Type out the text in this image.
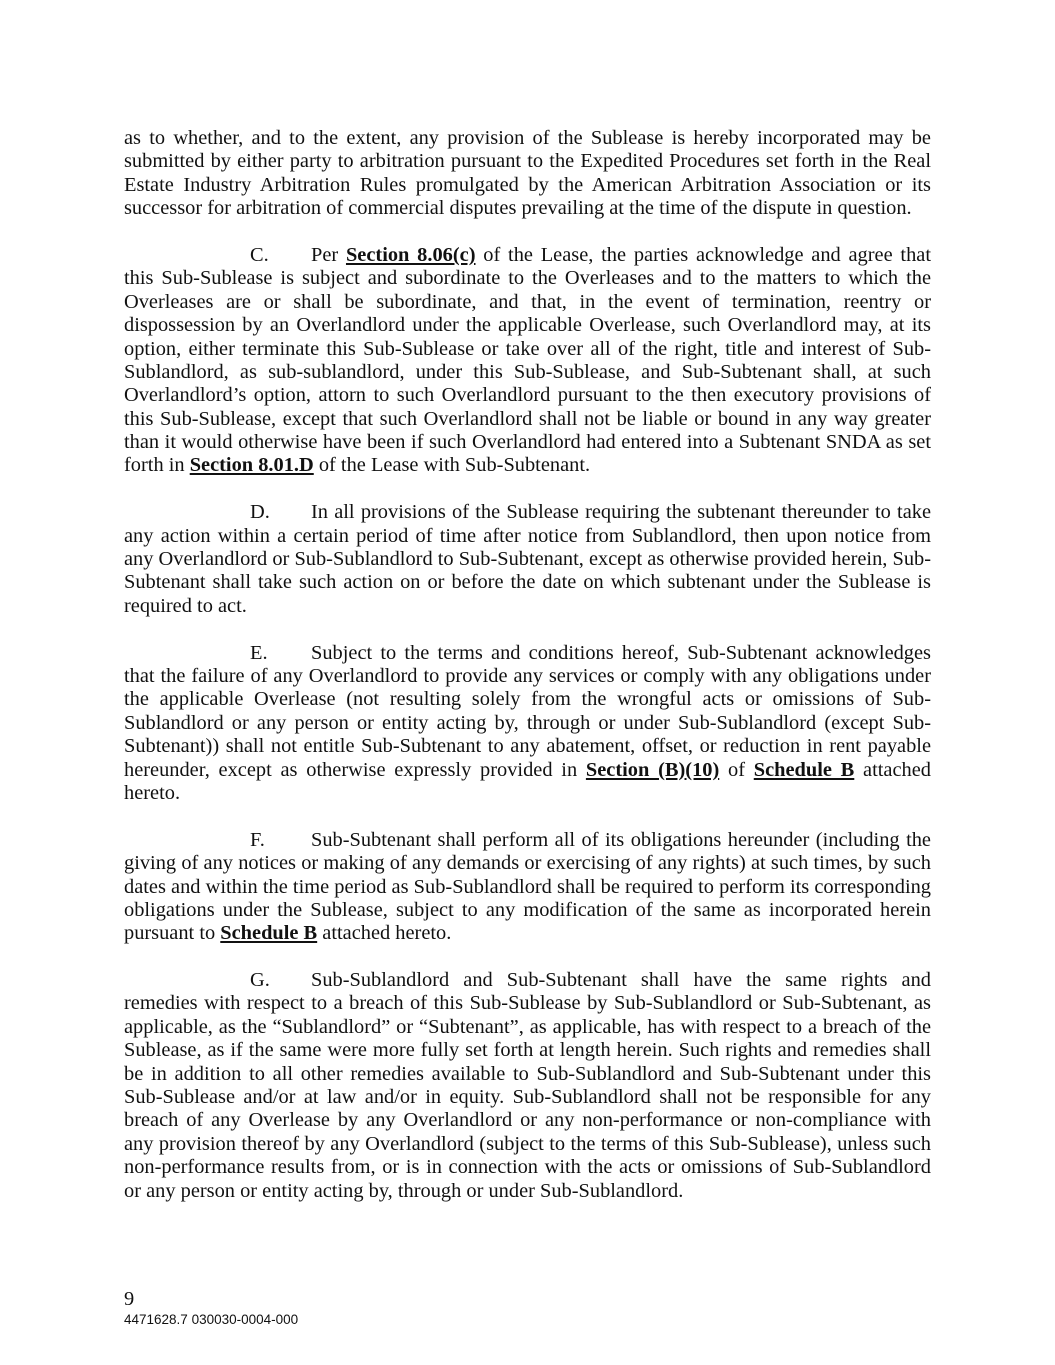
as to whether, and to the extent, any provision of the Sublease is hereby incorporated may be
submitted by either party to arbitration pursuant to the Expedited Procedures set forth in the Real
Estate Industry Arbitration Rules promulgated by the American Arbitration Association or its
successor for arbitration of commercial disputes prevailing at the time of the dispute in question.
C. Per Section 8.06(c) of the Lease, the parties acknowledge and agree that
this Sub-Sublease is subject and subordinate to the Overleases and to the matters to which the
Overleases are or shall be subordinate, and that, in the event of termination, reentry or
dispossession by an Overlandlord under the applicable Overlease, such Overlandlord may, at its
option, either terminate this Sub-Sublease or take over all of the right, title and interest of Sub-
Sublandlord, as sub-sublandlord, under this Sub-Sublease, and Sub-Subtenant shall, at such
Overlandlord’s option, attorn to such Overlandlord pursuant to the then executory provisions of
this Sub-Sublease, except that such Overlandlord shall not be liable or bound in any way greater
than it would otherwise have been if such Overlandlord had entered into a Subtenant SNDA as set
forth in Section 8.01.D of the Lease with Sub-Subtenant.
D. In all provisions of the Sublease requiring the subtenant thereunder to take
any action within a certain period of time after notice from Sublandlord, then upon notice from
any Overlandlord or Sub-Sublandlord to Sub-Subtenant, except as otherwise provided herein, Sub-
Subtenant shall take such action on or before the date on which subtenant under the Sublease is
required to act.
E. Subject to the terms and conditions hereof, Sub-Subtenant acknowledges
that the failure of any Overlandlord to provide any services or comply with any obligations under
the applicable Overlease (not resulting solely from the wrongful acts or omissions of Sub-
Sublandlord or any person or entity acting by, through or under Sub-Sublandlord (except Sub-
Subtenant)) shall not entitle Sub-Subtenant to any abatement, offset, or reduction in rent payable
hereunder, except as otherwise expressly provided in Section (B)(10) of Schedule B attached
hereto.
F. Sub-Subtenant shall perform all of its obligations hereunder (including the
giving of any notices or making of any demands or exercising of any rights) at such times, by such
dates and within the time period as Sub-Sublandlord shall be required to perform its corresponding
obligations under the Sublease, subject to any modification of the same as incorporated herein
pursuant to Schedule B attached hereto.
G. Sub-Sublandlord and Sub-Subtenant shall have the same rights and
remedies with respect to a breach of this Sub-Sublease by Sub-Sublandlord or Sub-Subtenant, as
applicable, as the “Sublandlord” or “Subtenant”, as applicable, has with respect to a breach of the
Sublease, as if the same were more fully set forth at length herein. Such rights and remedies shall
be in addition to all other remedies available to Sub-Sublandlord and Sub-Subtenant under this
Sub-Sublease and/or at law and/or in equity. Sub-Sublandlord shall not be responsible for any
breach of any Overlease by any Overlandlord or any non-performance or non-compliance with
any provision thereof by any Overlandlord (subject to the terms of this Sub-Sublease), unless such
non-performance results from, or is in connection with the acts or omissions of Sub-Sublandlord
or any person or entity acting by, through or under Sub-Sublandlord.
9
4471628.7 030030-0004-000
